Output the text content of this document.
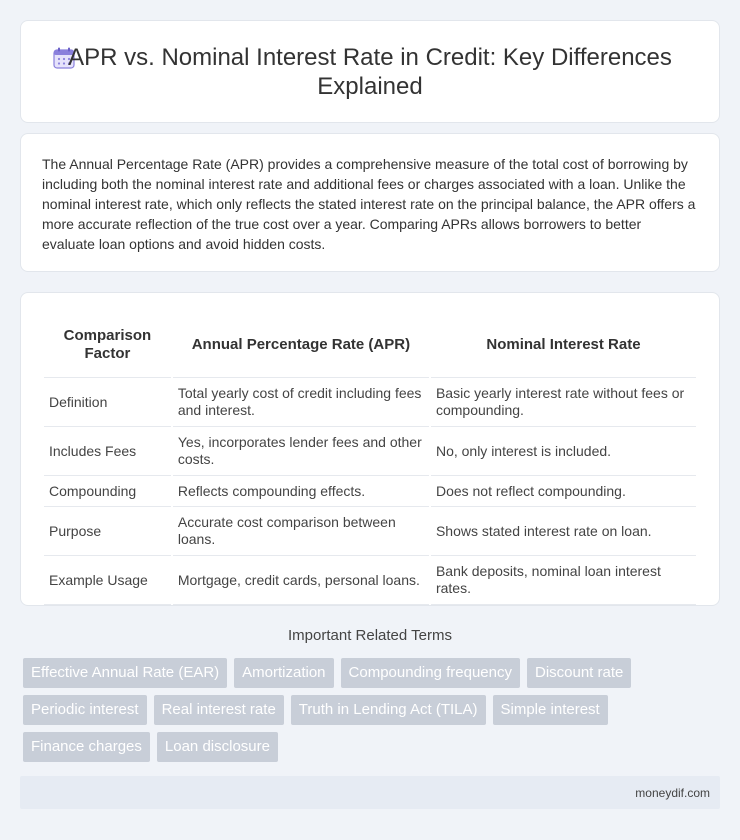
APR vs. Nominal Interest Rate in Credit: Key Differences Explained

The Annual Percentage Rate (APR) provides a comprehensive measure of the total cost of borrowing by including both the nominal interest rate and additional fees or charges associated with a loan. Unlike the nominal interest rate, which only reflects the stated interest rate on the principal balance, the APR offers a more accurate reflection of the true cost over a year. Comparing APRs allows borrowers to better evaluate loan options and avoid hidden costs.

Comparison Factor	Annual Percentage Rate (APR)	Nominal Interest Rate
Definition	Total yearly cost of credit including fees and interest.	Basic yearly interest rate without fees or compounding.
Includes Fees	Yes, incorporates lender fees and other costs.	No, only interest is included.
Compounding	Reflects compounding effects.	Does not reflect compounding.
Purpose	Accurate cost comparison between loans.	Shows stated interest rate on loan.
Example Usage	Mortgage, credit cards, personal loans.	Bank deposits, nominal loan interest rates.
Important Related Terms
Effective Annual Rate (EAR)	Amortization	Compounding frequency	Discount rate
Periodic interest	Real interest rate	Truth in Lending Act (TILA)	Simple interest
Finance charges	Loan disclosure
moneydif.com
